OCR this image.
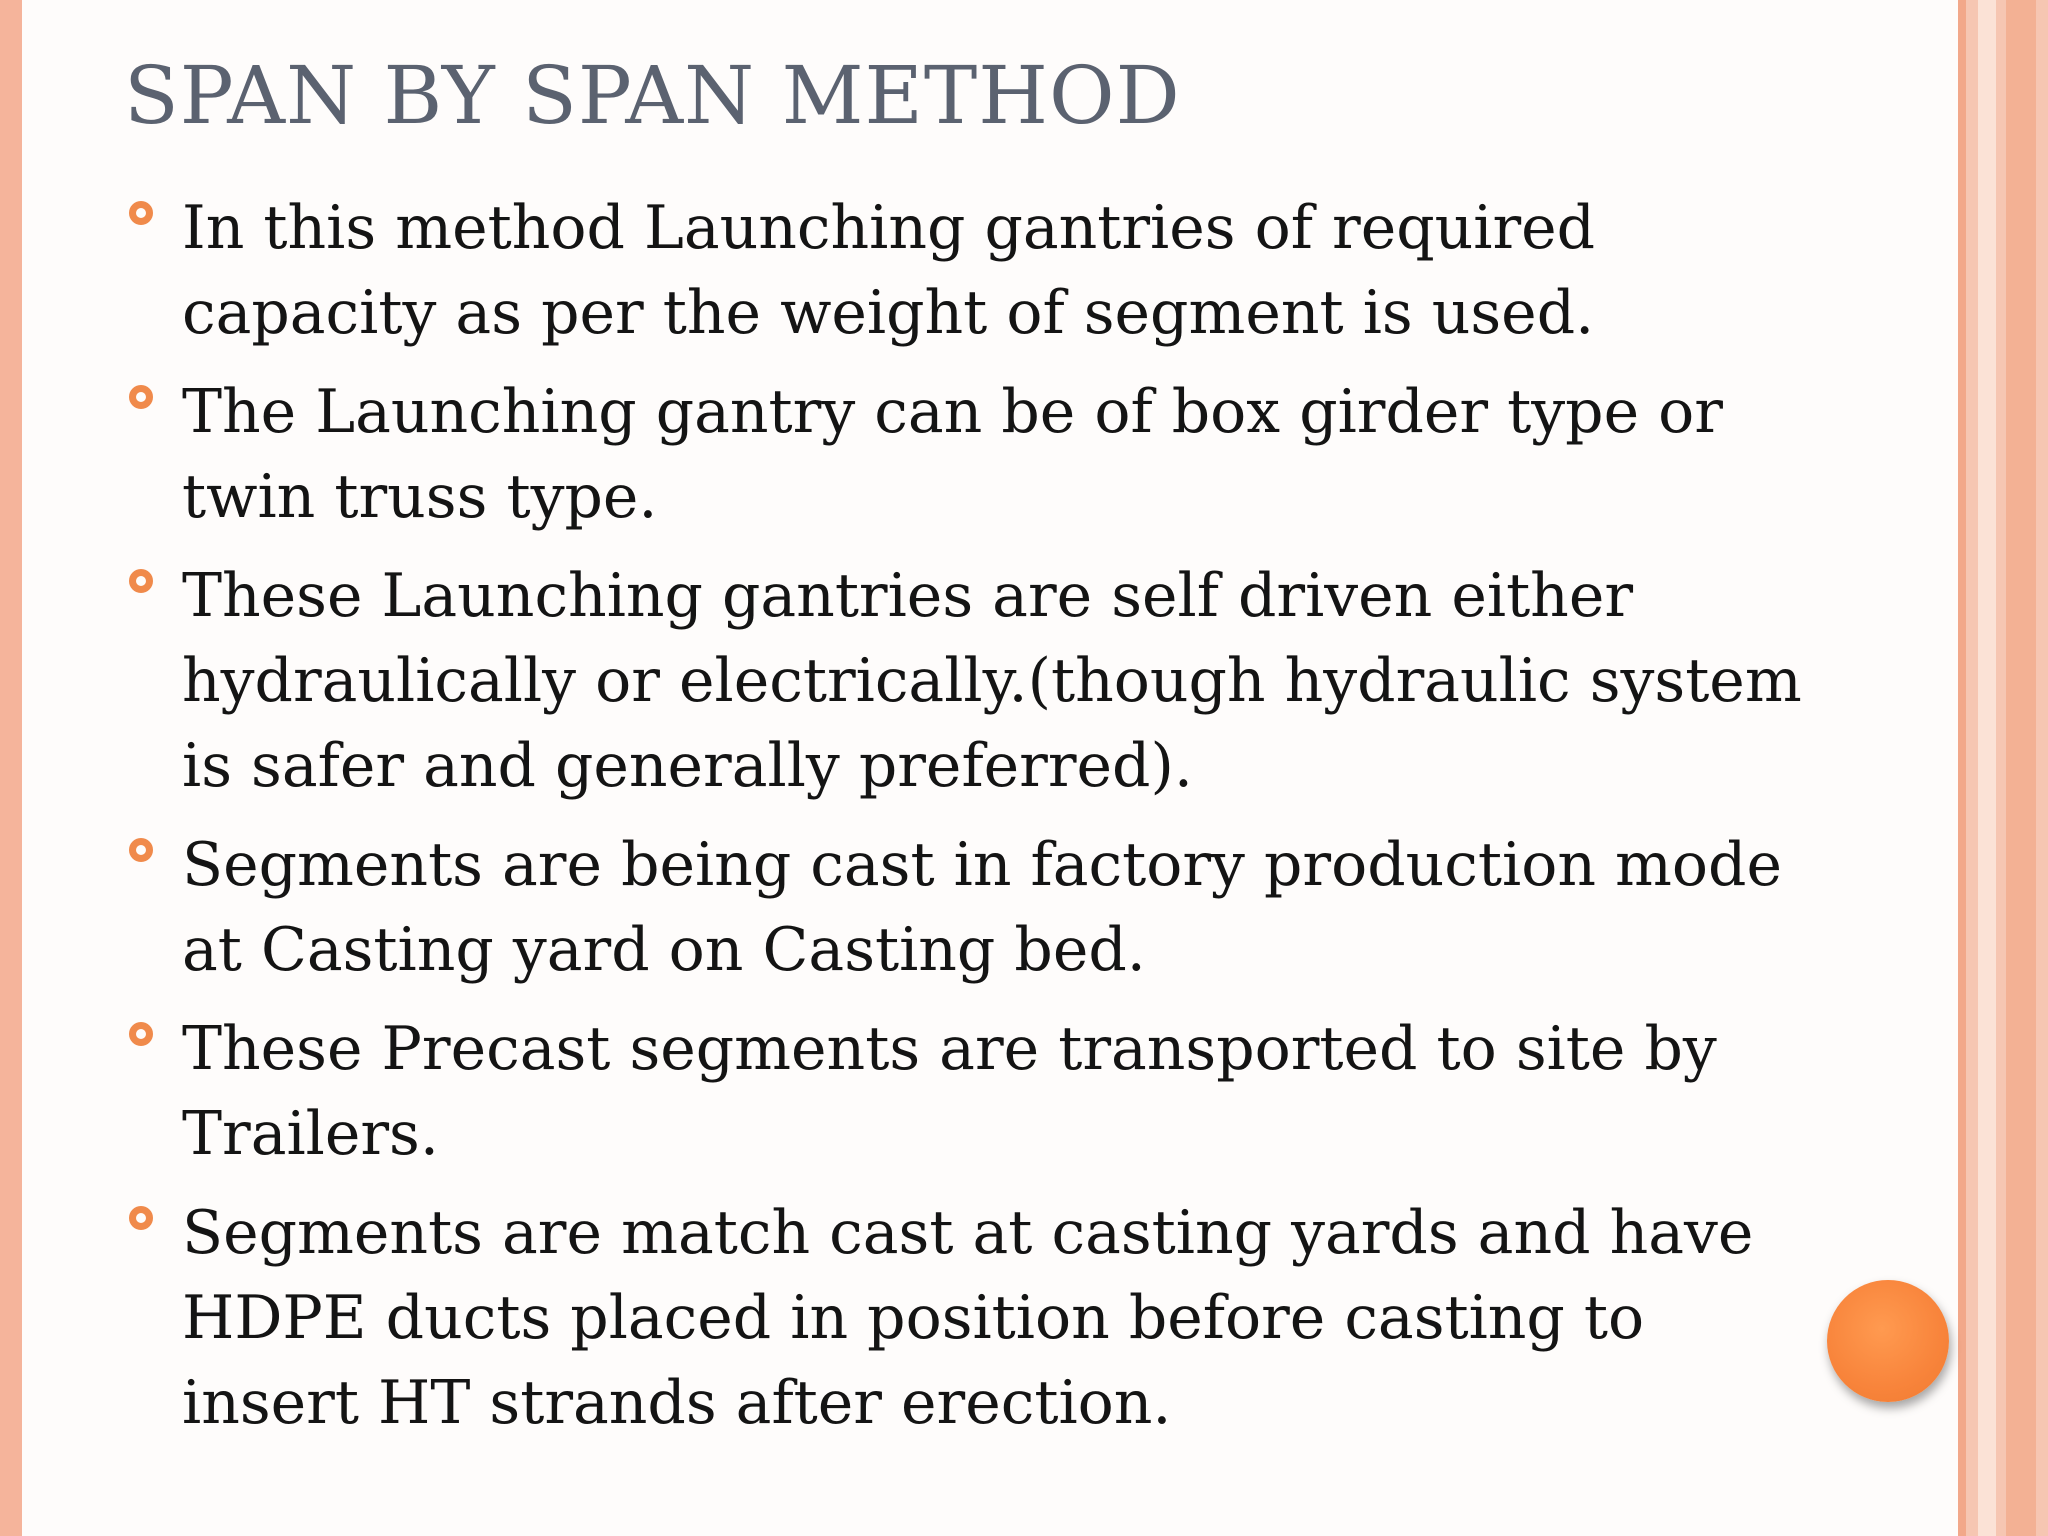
SPAN BY SPAN METHOD
In this method Launching gantries of required capacity as per the weight of segment is used.
The Launching gantry can be of box girder type or twin truss type.
These Launching gantries are self driven either hydraulically or electrically.(though hydraulic system is safer and generally preferred).
Segments are being cast in factory production mode at Casting yard on Casting bed.
These Precast segments are transported to site by Trailers.
Segments are match cast at casting yards and have HDPE ducts placed in position before casting to insert HT strands after erection.
